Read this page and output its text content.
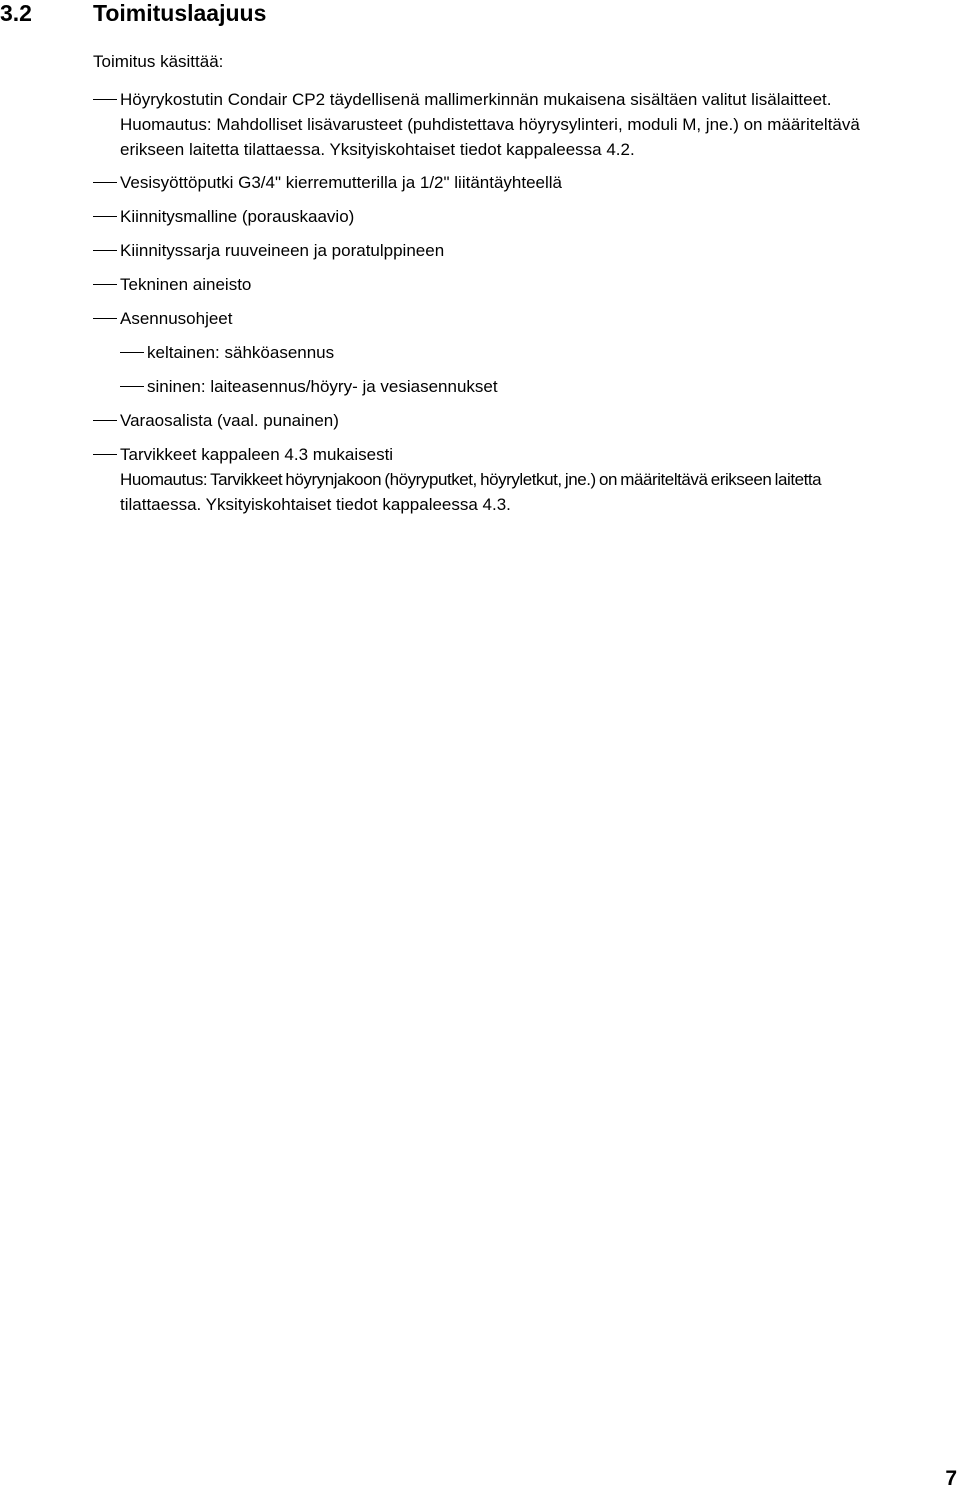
3.2	Toimituslaajuus
Toimitus käsittää:
Höyrykostutin Condair CP2 täydellisenä mallimerkinnän mukaisena sisältäen valitut lisälaitteet.
Huomautus: Mahdolliset lisävarusteet (puhdistettava höyrysylinteri, moduli M, jne.) on määriteltävä
erikseen laitetta tilattaessa. Yksityiskohtaiset tiedot kappaleessa 4.2.
Vesisyöttöputki G3/4" kierremutterilla ja 1/2" liitäntäyhteellä
Kiinnitysmalline (porauskaavio)
Kiinnityssarja ruuveineen ja poratulppineen
Tekninen aineisto
Asennusohjeet
keltainen: sähköasennus
sininen: laiteasennus/höyry- ja vesiasennukset
Varaosalista (vaal. punainen)
Tarvikkeet kappaleen 4.3 mukaisesti
Huomautus: Tarvikkeet höyrynjakoon (höyryputket, höyryletkut, jne.) on määriteltävä erikseen laitetta
tilattaessa. Yksityiskohtaiset tiedot kappaleessa 4.3.
7
